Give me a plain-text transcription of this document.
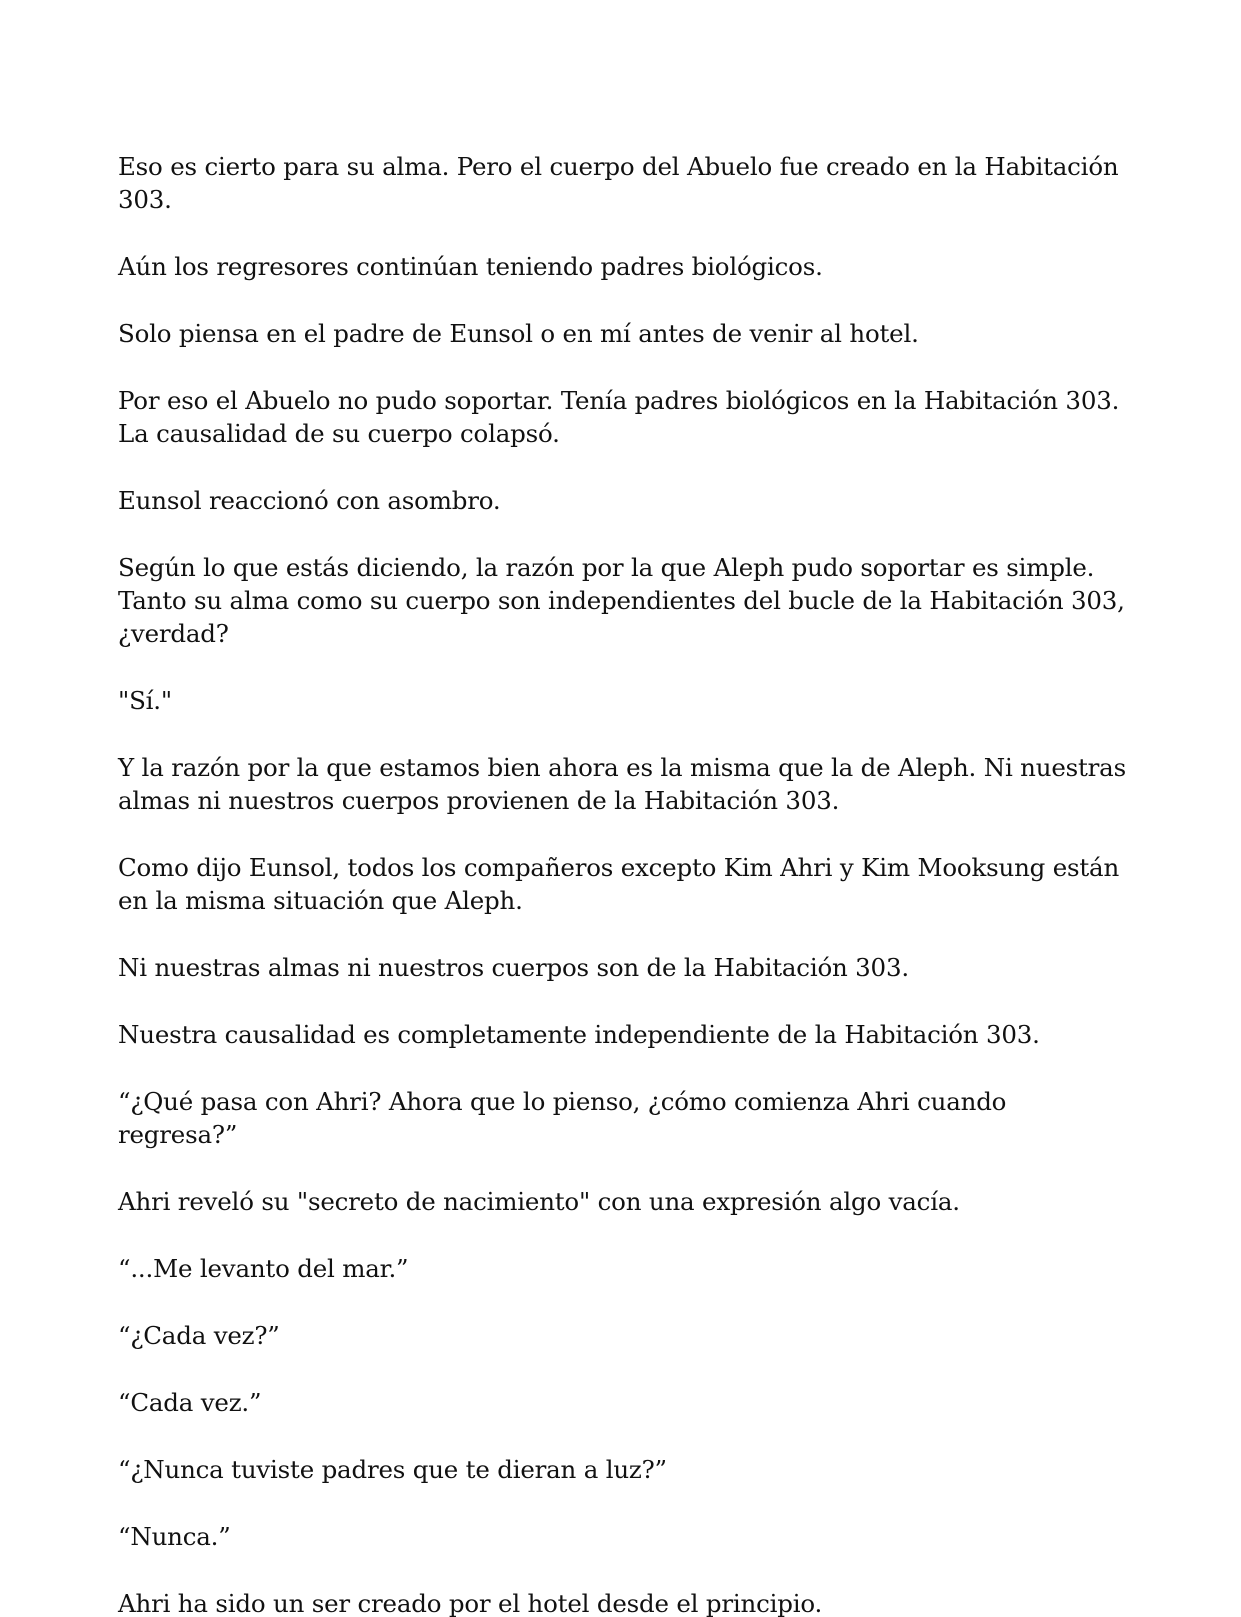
Eso es cierto para su alma. Pero el cuerpo del Abuelo fue creado en la Habitación 303.

Aún los regresores continúan teniendo padres biológicos.

Solo piensa en el padre de Eunsol o en mí antes de venir al hotel.

Por eso el Abuelo no pudo soportar. Tenía padres biológicos en la Habitación 303. La causalidad de su cuerpo colapsó.

Eunsol reaccionó con asombro.

Según lo que estás diciendo, la razón por la que Aleph pudo soportar es simple. Tanto su alma como su cuerpo son independientes del bucle de la Habitación 303, ¿verdad?

"Sí."

Y la razón por la que estamos bien ahora es la misma que la de Aleph. Ni nuestras almas ni nuestros cuerpos provienen de la Habitación 303.

Como dijo Eunsol, todos los compañeros excepto Kim Ahri y Kim Mooksung están en la misma situación que Aleph.

Ni nuestras almas ni nuestros cuerpos son de la Habitación 303.

Nuestra causalidad es completamente independiente de la Habitación 303.

“¿Qué pasa con Ahri? Ahora que lo pienso, ¿cómo comienza Ahri cuando regresa?”

Ahri reveló su "secreto de nacimiento" con una expresión algo vacía.

“...Me levanto del mar.”

“¿Cada vez?”

“Cada vez.”

“¿Nunca tuviste padres que te dieran a luz?”

“Nunca.”

Ahri ha sido un ser creado por el hotel desde el principio.
